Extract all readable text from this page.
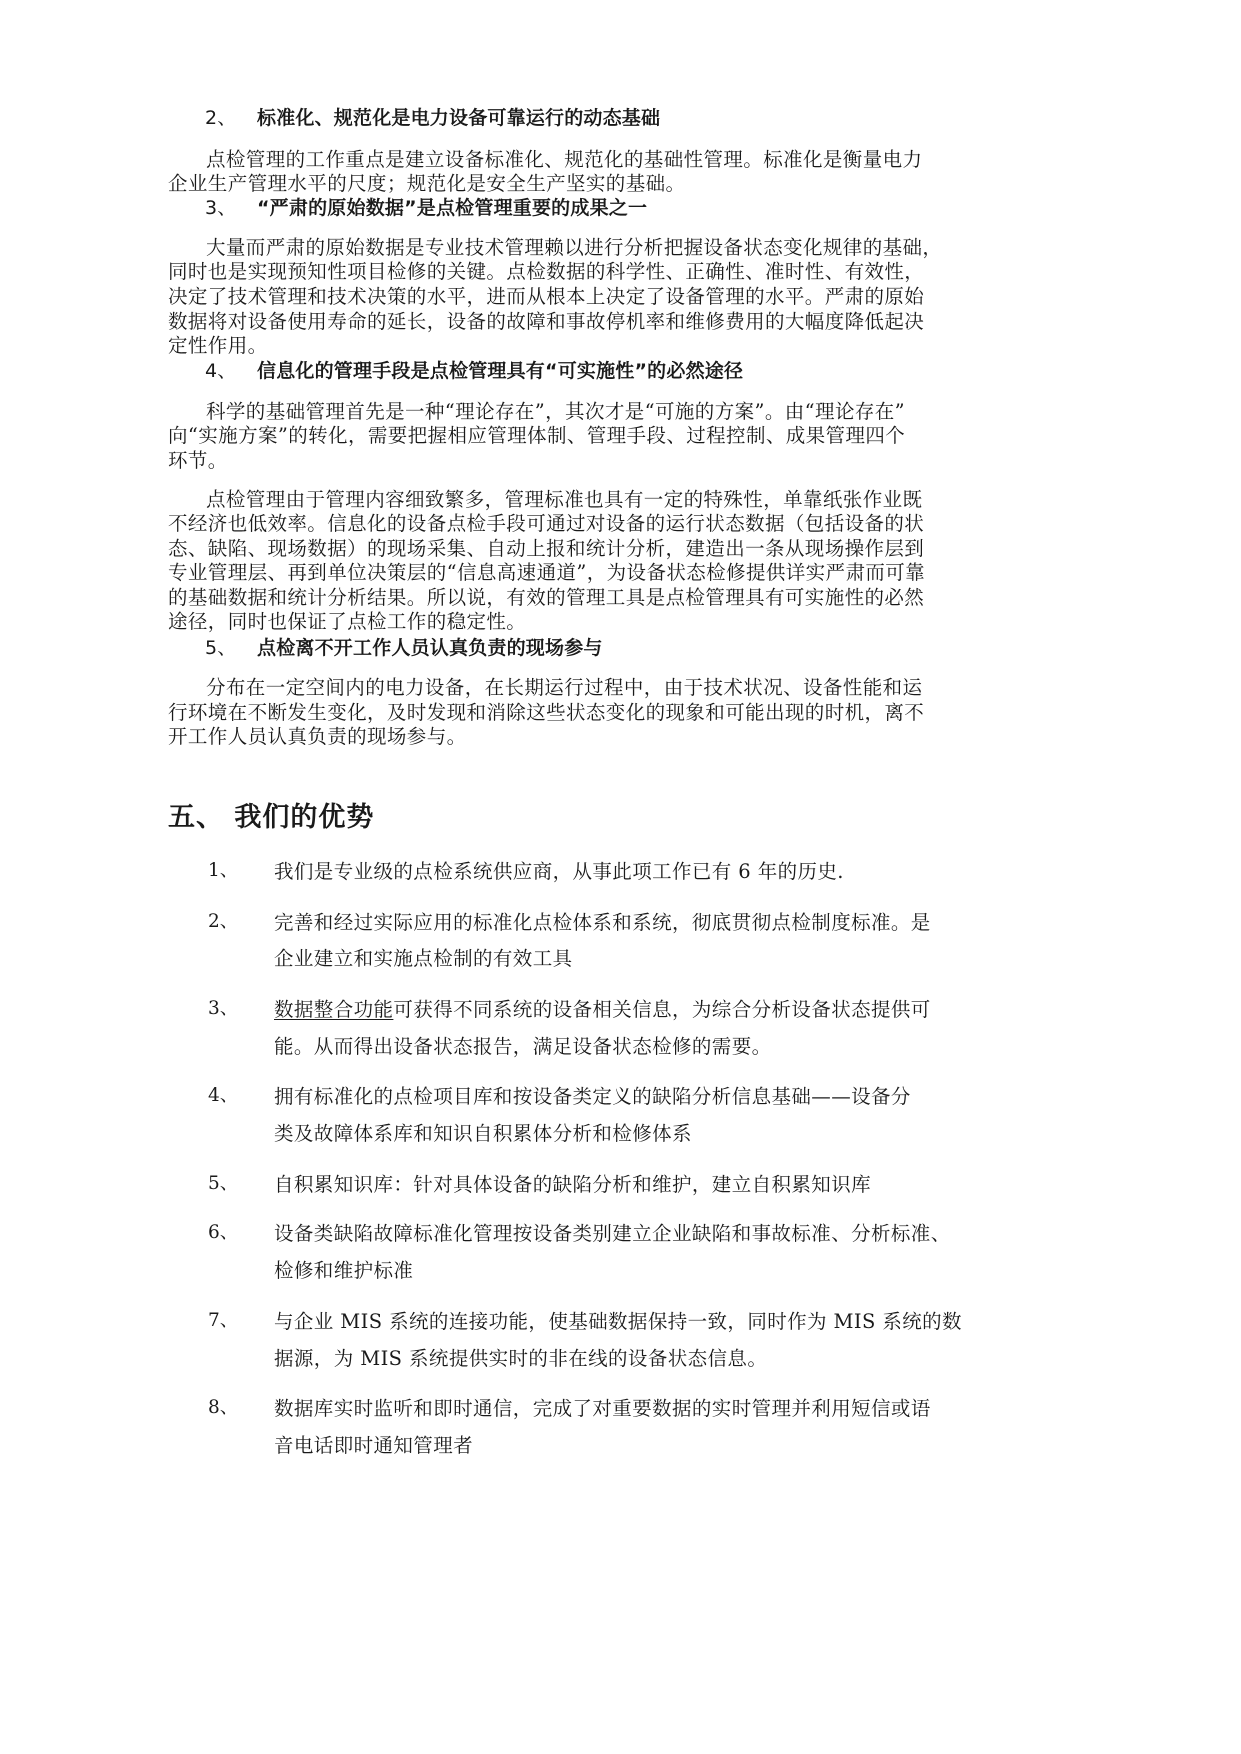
2、 标准化、规范化是电力设备可靠运行的动态基础
点检管理的工作重点是建立设备标准化、规范化的基础性管理。标准化是衡量电力
企业生产管理水平的尺度；规范化是安全生产坚实的基础。
3、 “严肃的原始数据”是点检管理重要的成果之一
大量而严肃的原始数据是专业技术管理赖以进行分析把握设备状态变化规律的基础，
同时也是实现预知性项目检修的关键。点检数据的科学性、正确性、准时性、有效性，
决定了技术管理和技术决策的水平，进而从根本上决定了设备管理的水平。严肃的原始
数据将对设备使用寿命的延长，设备的故障和事故停机率和维修费用的大幅度降低起决
定性作用。
4、 信息化的管理手段是点检管理具有“可实施性”的必然途径
科学的基础管理首先是一种“理论存在”，其次才是“可施的方案”。由“理论存在”
向“实施方案”的转化，需要把握相应管理体制、管理手段、过程控制、成果管理四个
环节。
点检管理由于管理内容细致繁多，管理标准也具有一定的特殊性，单靠纸张作业既
不经济也低效率。信息化的设备点检手段可通过对设备的运行状态数据（包括设备的状
态、缺陷、现场数据）的现场采集、自动上报和统计分析，建造出一条从现场操作层到
专业管理层、再到单位决策层的“信息高速通道”，为设备状态检修提供详实严肃而可靠
的基础数据和统计分析结果。所以说，有效的管理工具是点检管理具有可实施性的必然
途径，同时也保证了点检工作的稳定性。
5、 点检离不开工作人员认真负责的现场参与
分布在一定空间内的电力设备，在长期运行过程中，由于技术状况、设备性能和运
行环境在不断发生变化，及时发现和消除这些状态变化的现象和可能出现的时机，离不
开工作人员认真负责的现场参与。
五、 我们的优势
1、 我们是专业级的点检系统供应商，从事此项工作已有 6 年的历史.
2、 完善和经过实际应用的标准化点检体系和系统，彻底贯彻点检制度标准。是
企业建立和实施点检制的有效工具
3、 数据整合功能可获得不同系统的设备相关信息，为综合分析设备状态提供可
能。从而得出设备状态报告，满足设备状态检修的需要。
4、 拥有标准化的点检项目库和按设备类定义的缺陷分析信息基础——设备分
类及故障体系库和知识自积累体分析和检修体系
5、 自积累知识库：针对具体设备的缺陷分析和维护，建立自积累知识库
6、 设备类缺陷故障标准化管理按设备类别建立企业缺陷和事故标准、分析标准、
检修和维护标准
7、 与企业 MIS 系统的连接功能，使基础数据保持一致，同时作为 MIS 系统的数
据源，为 MIS 系统提供实时的非在线的设备状态信息。
8、 数据库实时监听和即时通信，完成了对重要数据的实时管理并利用短信或语
音电话即时通知管理者
